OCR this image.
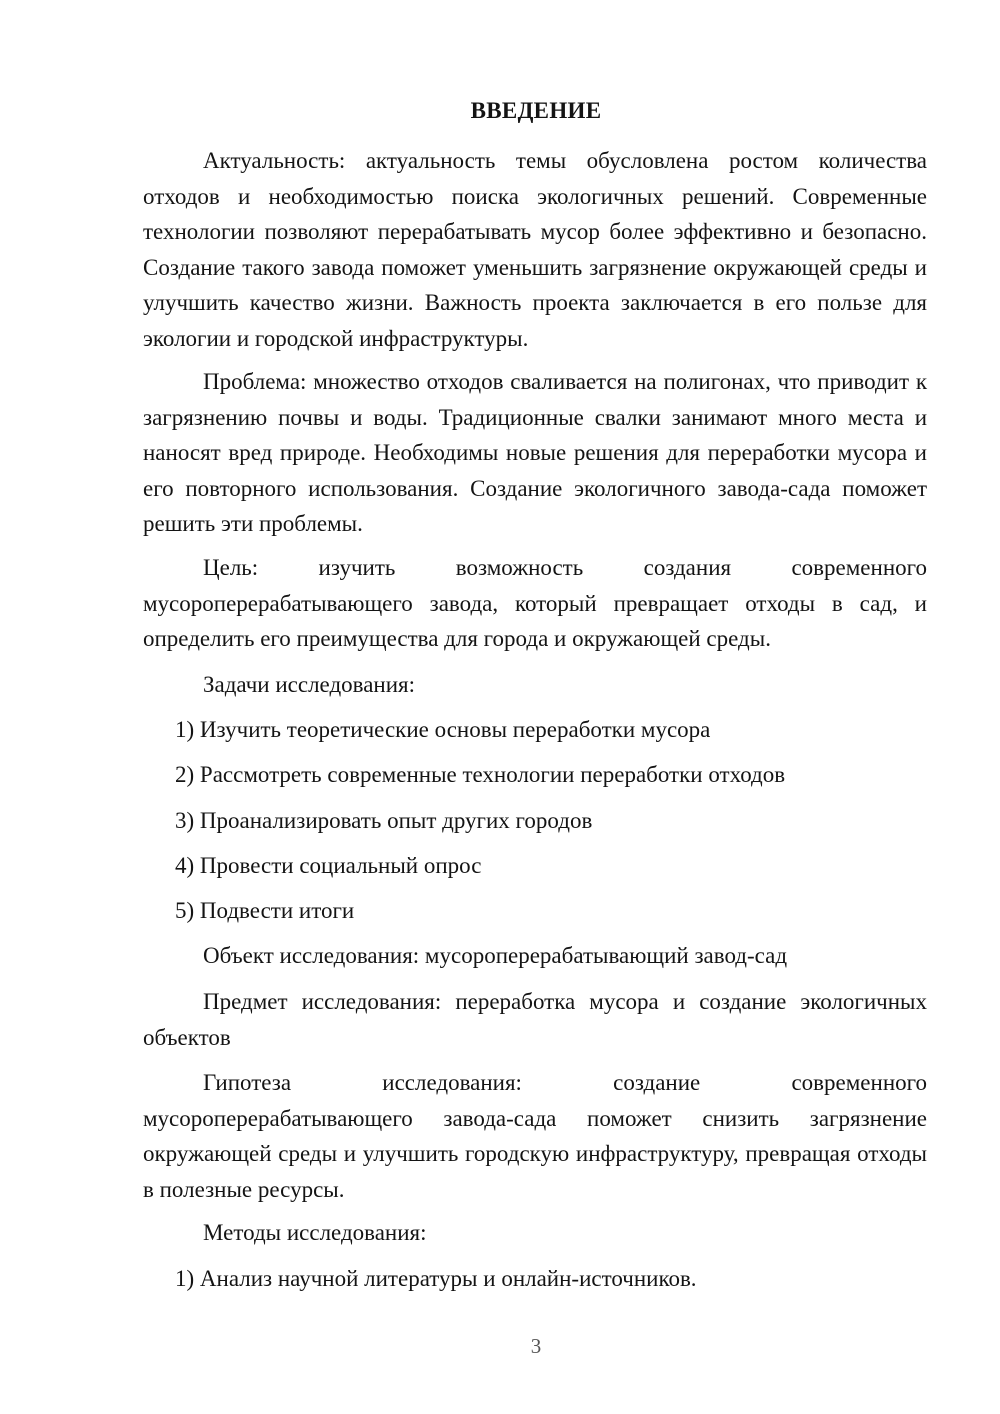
ВВЕДЕНИЕ

Актуальность: актуальность темы обусловлена ростом количества отходов и необходимостью поиска экологичных решений. Современные технологии позволяют перерабатывать мусор более эффективно и безопасно. Создание такого завода поможет уменьшить загрязнение окружающей среды и улучшить качество жизни. Важность проекта заключается в его пользе для экологии и городской инфраструктуры.

Проблема: множество отходов сваливается на полигонах, что приводит к загрязнению почвы и воды. Традиционные свалки занимают много места и наносят вред природе. Необходимы новые решения для переработки мусора и его повторного использования. Создание экологичного завода-сада поможет решить эти проблемы.

Цель: изучить возможность создания современного мусороперерабатывающего завода, который превращает отходы в сад, и определить его преимущества для города и окружающей среды.

Задачи исследования:

1) Изучить теоретические основы переработки мусора

2) Рассмотреть современные технологии переработки отходов

3) Проанализировать опыт других городов

4) Провести социальный опрос

5) Подвести итоги

Объект исследования: мусороперерабатывающий завод-сад

Предмет исследования: переработка мусора и создание экологичных объектов

Гипотеза исследования: создание современного мусороперерабатывающего завода-сада поможет снизить загрязнение окружающей среды и улучшить городскую инфраструктуру, превращая отходы в полезные ресурсы.

Методы исследования:

1) Анализ научной литературы и онлайн-источников.

3
